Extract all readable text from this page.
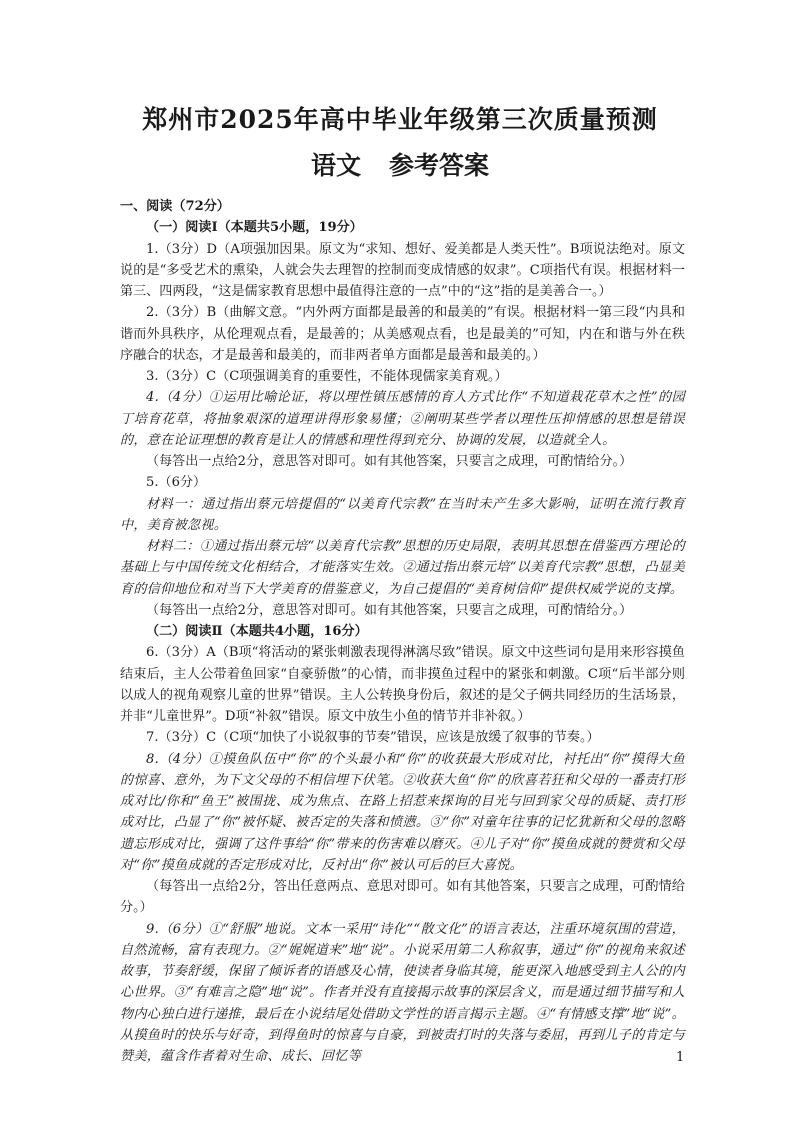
郑州市2025年高中毕业年级第三次质量预测
语文 参考答案

一、阅读（72分）

（一）阅读Ⅰ（本题共5小题，19分）

1.（3分）D（A项强加因果。原文为“求知、想好、爱美都是人类天性”。B项说法绝对。原文说的是“多受艺术的熏染，人就会失去理智的控制而变成情感的奴隶”。C项指代有误。根据材料一第三、四两段，“这是儒家教育思想中最值得注意的一点”中的“这”指的是美善合一。）

2.（3分）B（曲解文意。“内外两方面都是最善的和最美的”有误。根据材料一第三段“内具和谐而外具秩序，从伦理观点看，是最善的；从美感观点看，也是最美的”可知，内在和谐与外在秩序融合的状态，才是最善和最美的，而非两者单方面都是最善和最美的。）

3.（3分）C（C项强调美育的重要性，不能体现儒家美育观。）

4.（4分）①运用比喻论证，将以理性镇压感情的育人方式比作“不知道栽花草木之性”的园丁培育花草，将抽象艰深的道理讲得形象易懂；②阐明某些学者以理性压抑情感的思想是错误的，意在论证理想的教育是让人的情感和理性得到充分、协调的发展，以造就全人。

（每答出一点给2分，意思答对即可。如有其他答案，只要言之成理，可酌情给分。）

5.（6分）

材料一：通过指出蔡元培提倡的“以美育代宗教”在当时未产生多大影响，证明在流行教育中，美育被忽视。

材料二：①通过指出蔡元培“以美育代宗教”思想的历史局限，表明其思想在借鉴西方理论的基础上与中国传统文化相结合，才能落实生效。②通过指出蔡元培“以美育代宗教”思想，凸显美育的信仰地位和对当下大学美育的借鉴意义，为自己提倡的“美育树信仰”提供权威学说的支撑。

（每答出一点给2分，意思答对即可。如有其他答案，只要言之成理，可酌情给分。）

（二）阅读Ⅱ（本题共4小题，16分）

6.（3分）A（B项“将活动的紧张刺激表现得淋漓尽致”错误。原文中这些词句是用来形容摸鱼结束后，主人公带着鱼回家“自豪骄傲”的心情，而非摸鱼过程中的紧张和刺激。C项“后半部分则以成人的视角观察儿童的世界”错误。主人公转换身份后，叙述的是父子俩共同经历的生活场景，并非“儿童世界”。D项“补叙”错误。原文中放生小鱼的情节并非补叙。）

7.（3分）C（C项“加快了小说叙事的节奏”错误，应该是放缓了叙事的节奏。）

8.（4分）①摸鱼队伍中“你”的个头最小和“你”的收获最大形成对比，衬托出“你”摸得大鱼的惊喜、意外，为下文父母的不相信埋下伏笔。②收获大鱼“你”的欣喜若狂和父母的一番责打形成对比/你和“鱼王”被围拢、成为焦点、在路上招惹来探询的目光与回到家父母的质疑、责打形成对比，凸显了“你”被怀疑、被否定的失落和愤懑。③“你”对童年往事的记忆犹新和父母的忽略遗忘形成对比，强调了这件事给“你”带来的伤害难以磨灭。④儿子对“你”摸鱼成就的赞赏和父母对“你”摸鱼成就的否定形成对比，反衬出“你”被认可后的巨大喜悦。

（每答出一点给2分，答出任意两点、意思对即可。如有其他答案，只要言之成理，可酌情给分。）

9.（6分）①“舒服”地说。文本一采用“诗化”“散文化”的语言表达，注重环境氛围的营造，自然流畅，富有表现力。②“娓娓道来”地“说”。小说采用第二人称叙事，通过“你”的视角来叙述故事，节奏舒缓，保留了倾诉者的语感及心情，使读者身临其境，能更深入地感受到主人公的内心世界。③“有难言之隐”地“说”。作者并没有直接揭示故事的深层含义，而是通过细节描写和人物内心独白进行递推，最后在小说结尾处借助文学性的语言揭示主题。④“有情感支撑”地“说”。从摸鱼时的快乐与好奇，到得鱼时的惊喜与自豪，到被责打时的失落与委屈，再到儿子的肯定与赞美，蕴含作者着对生命、成长、回忆等	1
